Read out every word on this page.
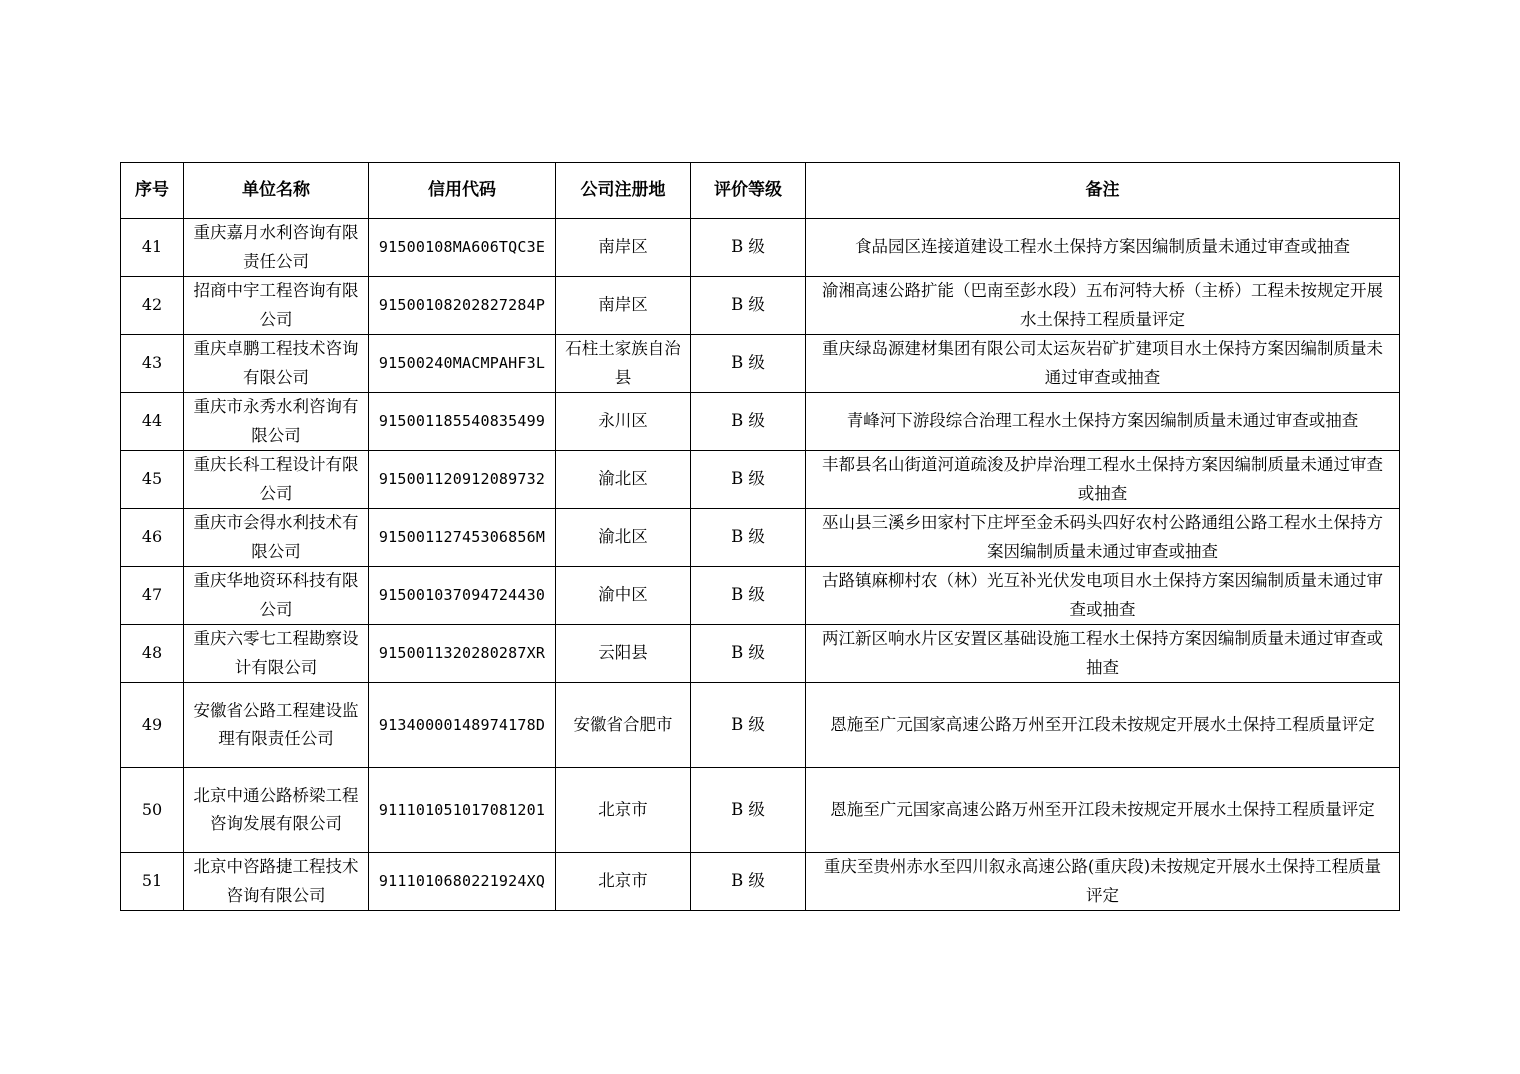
序号	单位名称	信用代码	公司注册地	评价等级	备注
41	重庆嘉月水利咨询有限责任公司	91500108MA606TQC3E	南岸区	B 级	食品园区连接道建设工程水土保持方案因编制质量未通过审查或抽查
42	招商中宇工程咨询有限公司	91500108202827284P	南岸区	B 级	渝湘高速公路扩能（巴南至彭水段）五布河特大桥（主桥）工程未按规定开展水土保持工程质量评定
43	重庆卓鹏工程技术咨询有限公司	91500240MACMPAHF3L	石柱土家族自治县	B 级	重庆绿岛源建材集团有限公司太运灰岩矿扩建项目水土保持方案因编制质量未通过审查或抽查
44	重庆市永秀水利咨询有限公司	915001185540835499	永川区	B 级	青峰河下游段综合治理工程水土保持方案因编制质量未通过审查或抽查
45	重庆长科工程设计有限公司	915001120912089732	渝北区	B 级	丰都县名山街道河道疏浚及护岸治理工程水土保持方案因编制质量未通过审查或抽查
46	重庆市会得水利技术有限公司	91500112745306856M	渝北区	B 级	巫山县三溪乡田家村下庄坪至金禾码头四好农村公路通组公路工程水土保持方案因编制质量未通过审查或抽查
47	重庆华地资环科技有限公司	915001037094724430	渝中区	B 级	古路镇麻柳村农（林）光互补光伏发电项目水土保持方案因编制质量未通过审查或抽查
48	重庆六零七工程勘察设计有限公司	9150011320280287XR	云阳县	B 级	两江新区响水片区安置区基础设施工程水土保持方案因编制质量未通过审查或抽查
49	安徽省公路工程建设监理有限责任公司	91340000148974178D	安徽省合肥市	B 级	恩施至广元国家高速公路万州至开江段未按规定开展水土保持工程质量评定
50	北京中通公路桥梁工程咨询发展有限公司	911101051017081201	北京市	B 级	恩施至广元国家高速公路万州至开江段未按规定开展水土保持工程质量评定
51	北京中咨路捷工程技术咨询有限公司	9111010680221924XQ	北京市	B 级	重庆至贵州赤水至四川叙永高速公路(重庆段)未按规定开展水土保持工程质量评定
